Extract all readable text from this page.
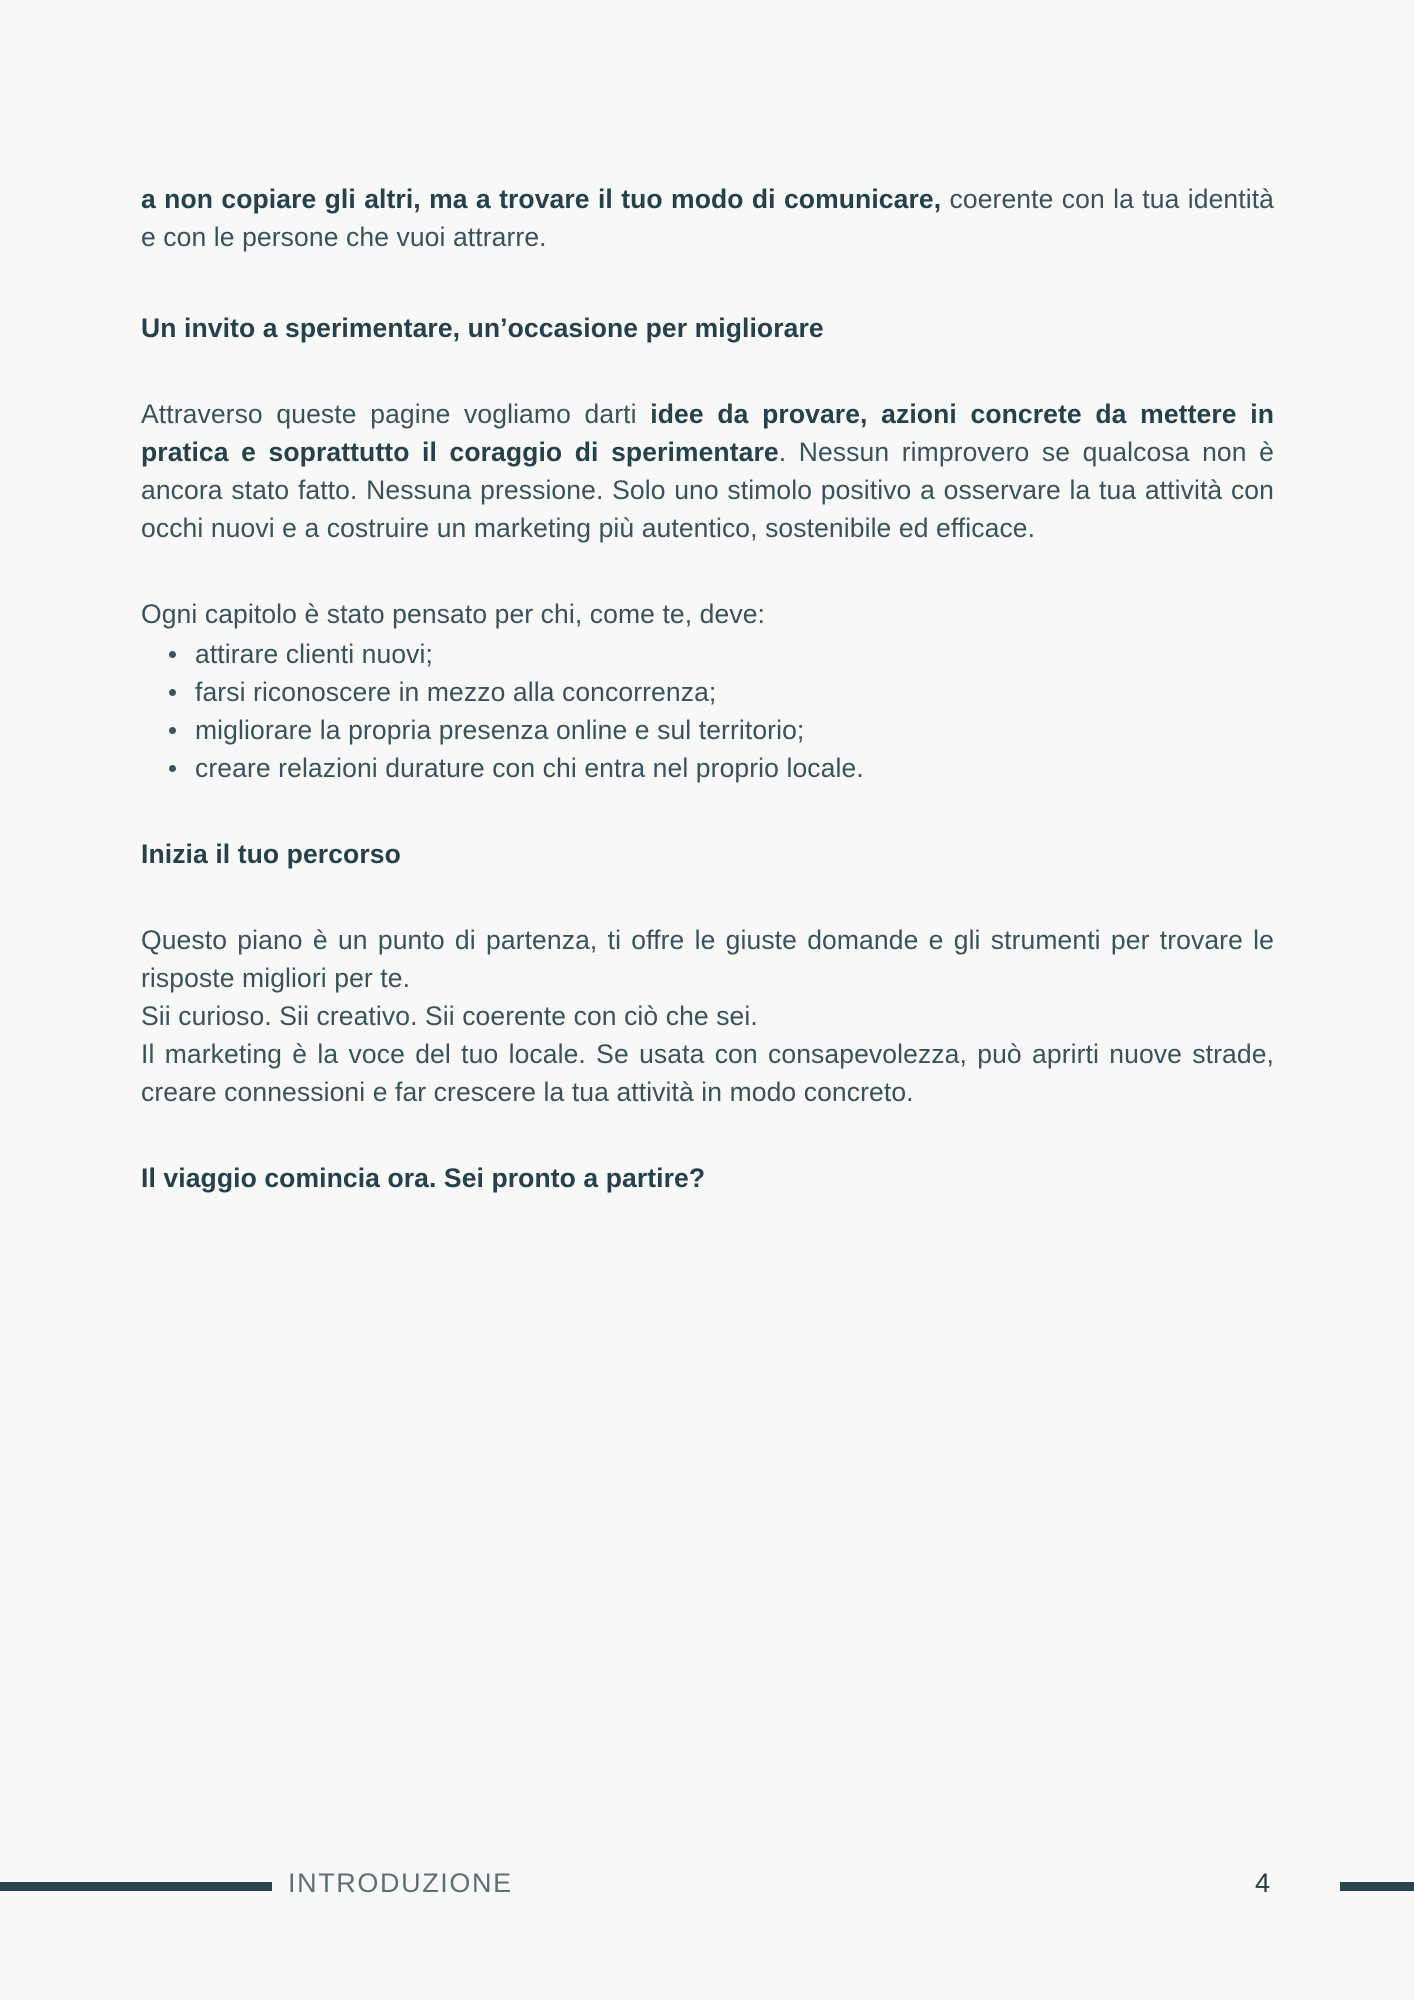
a non copiare gli altri, ma a trovare il tuo modo di comunicare, coerente con la tua identità e con le persone che vuoi attrarre.

Un invito a sperimentare, un’occasione per migliorare

Attraverso queste pagine vogliamo darti idee da provare, azioni concrete da mettere in pratica e soprattutto il coraggio di sperimentare. Nessun rimprovero se qualcosa non è ancora stato fatto. Nessuna pressione. Solo uno stimolo positivo a osservare la tua attività con occhi nuovi e a costruire un marketing più autentico, sostenibile ed efficace.

Ogni capitolo è stato pensato per chi, come te, deve:

attirare clienti nuovi;
farsi riconoscere in mezzo alla concorrenza;
migliorare la propria presenza online e sul territorio;
creare relazioni durature con chi entra nel proprio locale.
Inizia il tuo percorso

Questo piano è un punto di partenza, ti offre le giuste domande e gli strumenti per trovare le risposte migliori per te.

Sii curioso. Sii creativo. Sii coerente con ciò che sei.

Il marketing è la voce del tuo locale. Se usata con consapevolezza, può aprirti nuove strade, creare connessioni e far crescere la tua attività in modo concreto.

Il viaggio comincia ora. Sei pronto a partire?

INTRODUZIONE	4
